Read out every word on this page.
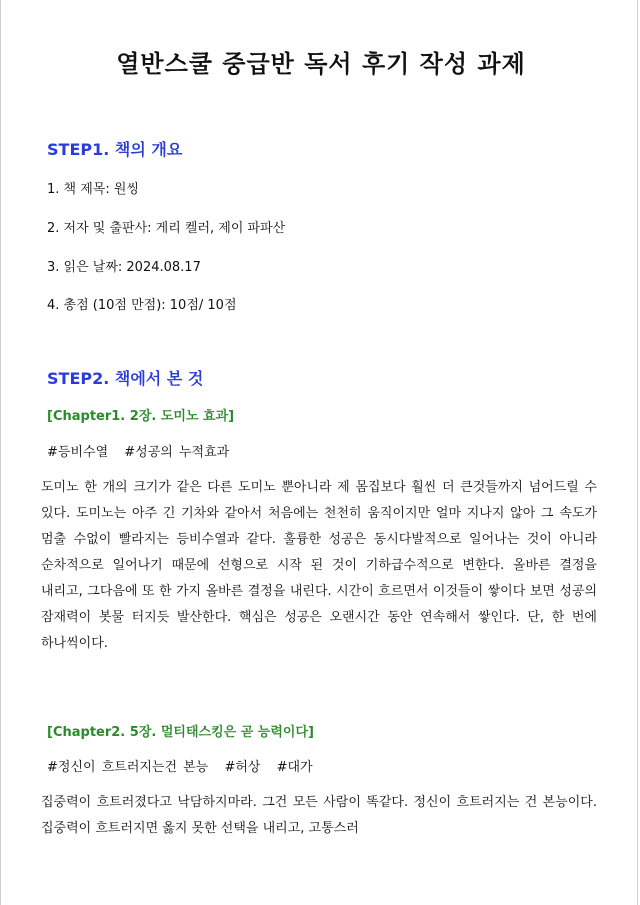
열반스쿨 중급반 독서 후기 작성 과제
STEP1. 책의 개요
1. 책 제목: 원씽
2. 저자 및 출판사: 게리 켈러, 제이 파파산
3. 읽은 날짜: 2024.08.17
4. 총점 (10점 만점): 10점/ 10점
STEP2. 책에서 본 것
[Chapter1. 2장. 도미노 효과]
#등비수열 #성공의 누적효과
도미노 한 개의 크기가 같은 다른 도미노 뿐아니라 제 몸집보다 훨씬 더 큰것들까지 넘어드릴 수 있다. 도미노는 아주 긴 기차와 같아서 처음에는 천천히 움직이지만 얼마 지나지 않아 그 속도가 멈출 수없이 빨라지는 등비수열과 같다. 훌륭한 성공은 동시다발적으로 일어나는 것이 아니라 순차적으로 일어나기 때문에 선형으로 시작 된 것이 기하급수적으로 변한다. 올바른 결정을 내리고, 그다음에 또 한 가지 올바른 결정을 내린다. 시간이 흐르면서 이것들이 쌓이다 보면 성공의 잠재력이 봇물 터지듯 발산한다. 핵심은 성공은 오랜시간 동안 연속해서 쌓인다. 단, 한 번에 하나씩이다.
[Chapter2. 5장. 멀티태스킹은 곧 능력이다]
#정신이 흐트러지는건 본능 #허상 #대가
집중력이 흐트러졌다고 낙담하지마라. 그건 모든 사람이 똑같다. 정신이 흐트러지는 건 본능이다. 집중력이 흐트러지면 옳지 못한 선택을 내리고, 고통스러
